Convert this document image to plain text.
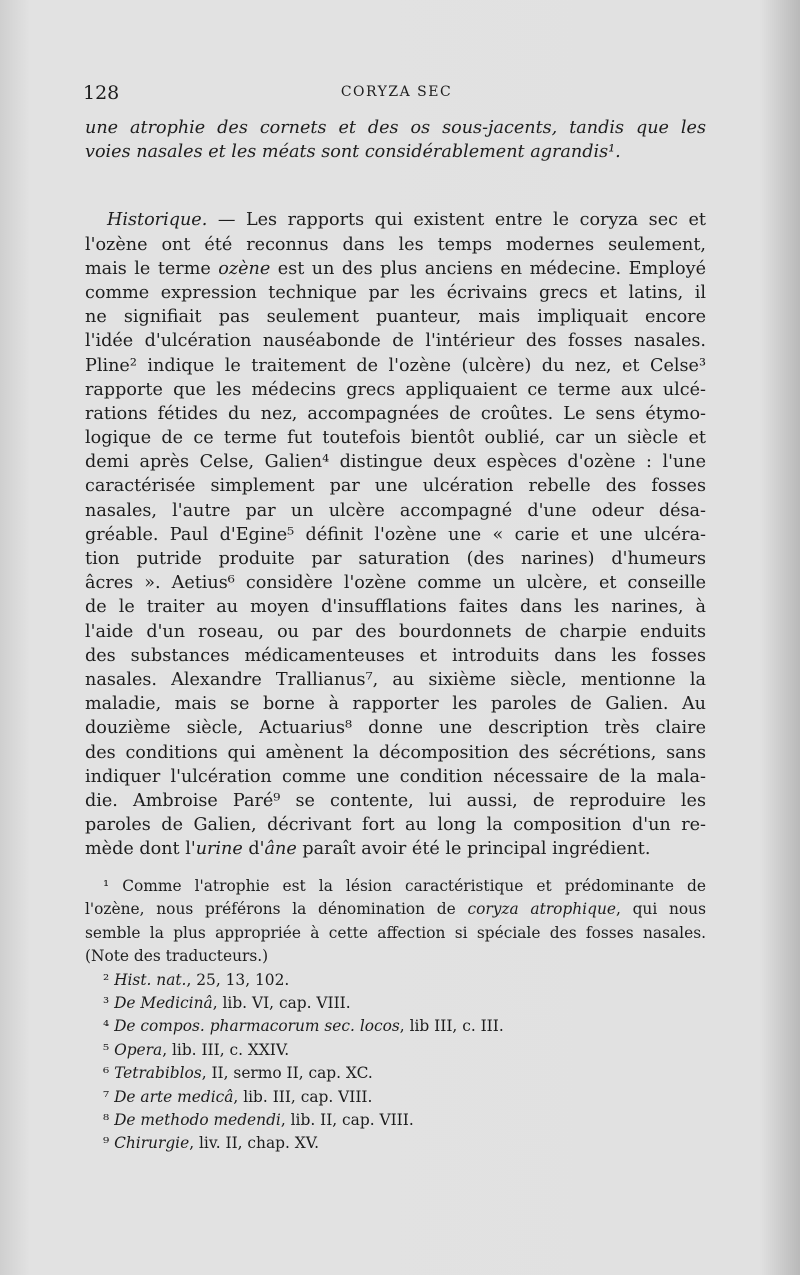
128	CORYZA SEC
une atrophie des cornets et des os sous-jacents, tandis que les
voies nasales et les méats sont considérablement agrandis¹.
Historique. — Les rapports qui existent entre le coryza sec et
l'ozène ont été reconnus dans les temps modernes seulement,
mais le terme ozène est un des plus anciens en médecine. Employé
comme expression technique par les écrivains grecs et latins, il
ne signifiait pas seulement puanteur, mais impliquait encore
l'idée d'ulcération nauséabonde de l'intérieur des fosses nasales.
Pline² indique le traitement de l'ozène (ulcère) du nez, et Celse³
rapporte que les médecins grecs appliquaient ce terme aux ulcé-
rations fétides du nez, accompagnées de croûtes. Le sens étymo-
logique de ce terme fut toutefois bientôt oublié, car un siècle et
demi après Celse, Galien⁴ distingue deux espèces d'ozène : l'une
caractérisée simplement par une ulcération rebelle des fosses
nasales, l'autre par un ulcère accompagné d'une odeur désa-
gréable. Paul d'Egine⁵ définit l'ozène une « carie et une ulcéra-
tion putride produite par saturation (des narines) d'humeurs
âcres ». Aetius⁶ considère l'ozène comme un ulcère, et conseille
de le traiter au moyen d'insufflations faites dans les narines, à
l'aide d'un roseau, ou par des bourdonnets de charpie enduits
des substances médicamenteuses et introduits dans les fosses
nasales. Alexandre Trallianus⁷, au sixième siècle, mentionne la
maladie, mais se borne à rapporter les paroles de Galien. Au
douzième siècle, Actuarius⁸ donne une description très claire
des conditions qui amènent la décomposition des sécrétions, sans
indiquer l'ulcération comme une condition nécessaire de la mala-
die. Ambroise Paré⁹ se contente, lui aussi, de reproduire les
paroles de Galien, décrivant fort au long la composition d'un re-
mède dont l'urine d'âne paraît avoir été le principal ingrédient.
¹ Comme l'atrophie est la lésion caractéristique et prédominante de
l'ozène, nous préférons la dénomination de coryza atrophique, qui nous
semble la plus appropriée à cette affection si spéciale des fosses nasales.
(Note des traducteurs.)
² Hist. nat., 25, 13, 102.
³ De Medicinâ, lib. VI, cap. VIII.
⁴ De compos. pharmacorum sec. locos, lib III, c. III.
⁵ Opera, lib. III, c. XXIV.
⁶ Tetrabiblos, II, sermo II, cap. XC.
⁷ De arte medicâ, lib. III, cap. VIII.
⁸ De methodo medendi, lib. II, cap. VIII.
⁹ Chirurgie, liv. II, chap. XV.
